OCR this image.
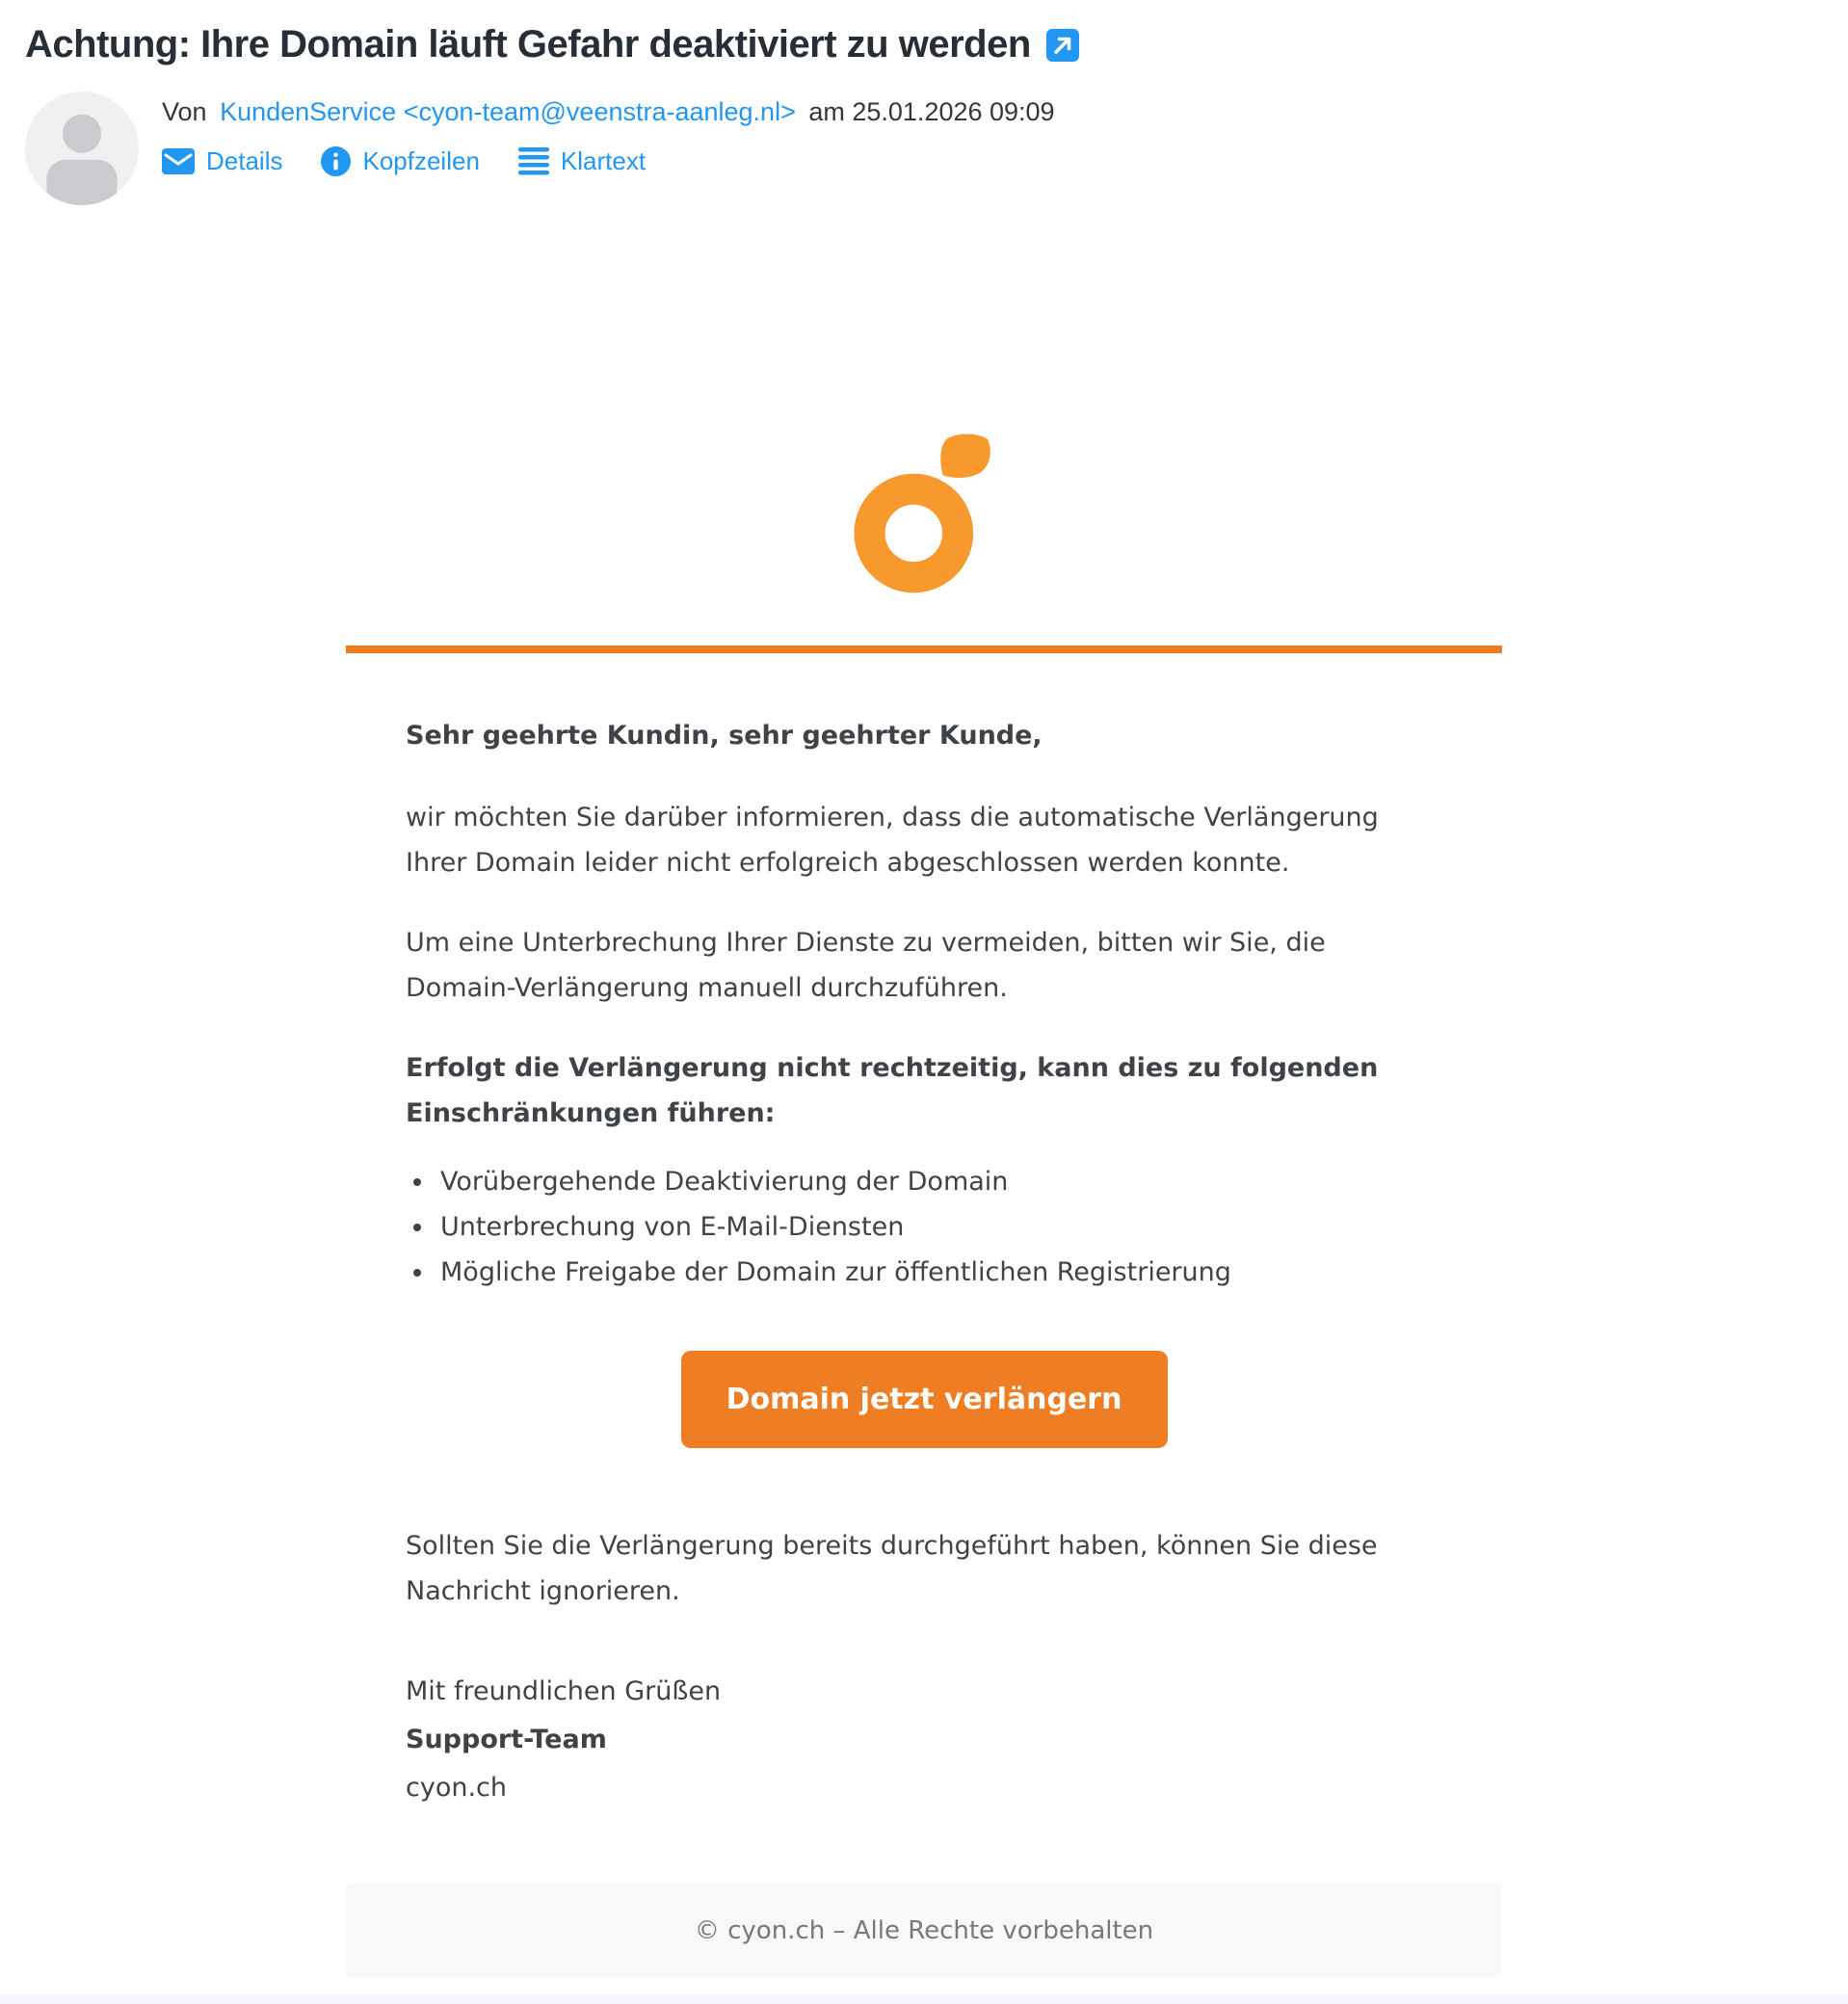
Achtung: Ihre Domain läuft Gefahr deaktiviert zu werden
Von KundenService <cyon-team@veenstra-aanleg.nl> am 25.01.2026 09:09
Details	Kopfzeilen	Klartext

Sehr geehrte Kundin, sehr geehrter Kunde,

wir möchten Sie darüber informieren, dass die automatische Verlängerung Ihrer Domain leider nicht erfolgreich abgeschlossen werden konnte.

Um eine Unterbrechung Ihrer Dienste zu vermeiden, bitten wir Sie, die Domain-Verlängerung manuell durchzuführen.

Erfolgt die Verlängerung nicht rechtzeitig, kann dies zu folgenden Einschränkungen führen:

Vorübergehende Deaktivierung der Domain
Unterbrechung von E-Mail-Diensten
Mögliche Freigabe der Domain zur öffentlichen Registrierung
Domain jetzt verlängern

Sollten Sie die Verlängerung bereits durchgeführt haben, können Sie diese Nachricht ignorieren.

Mit freundlichen Grüßen
Support-Team
cyon.ch
© cyon.ch – Alle Rechte vorbehalten
